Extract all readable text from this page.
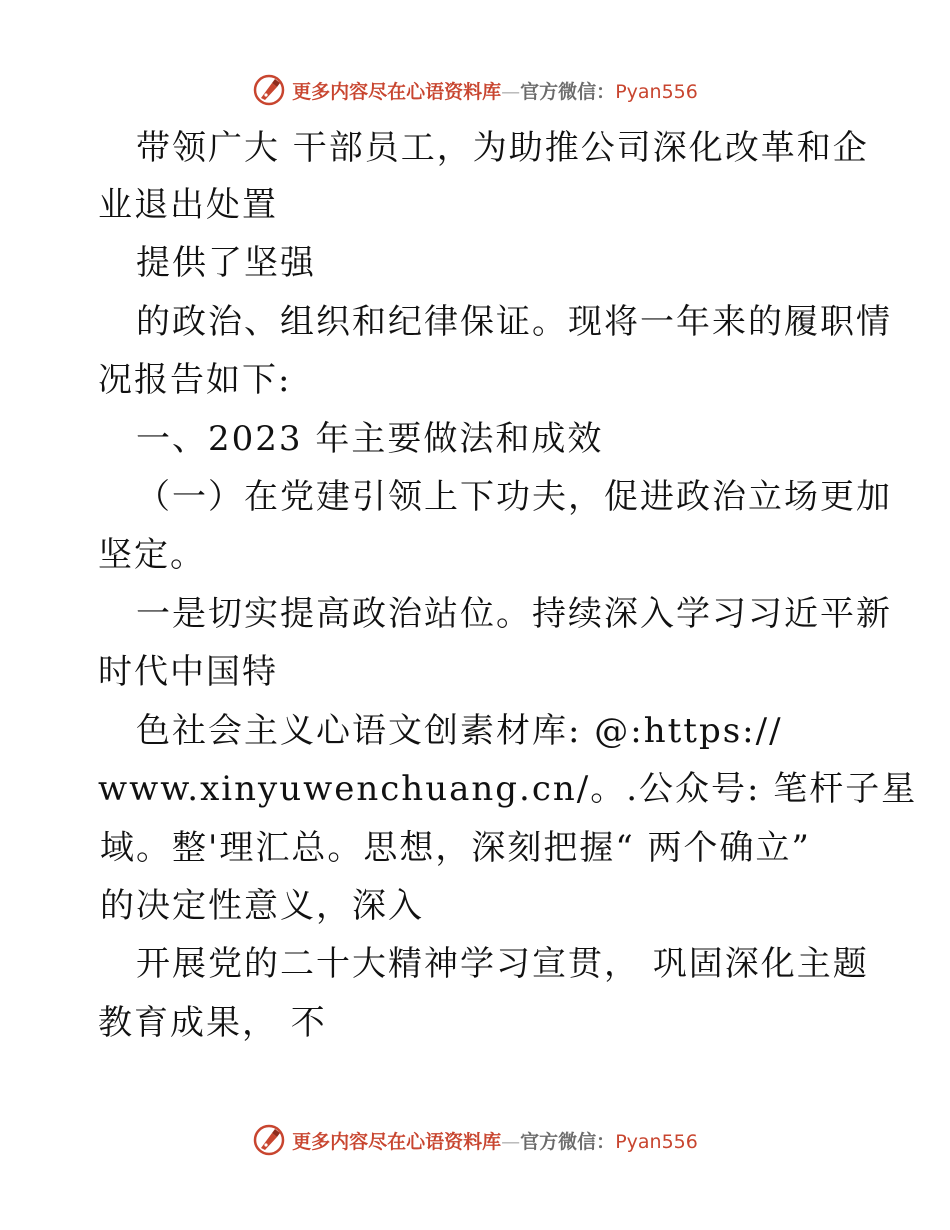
更多内容尽在心语资料库—官方微信：Pyan556
带领广大 干部员工，为助推公司深化改革和企
业退出处置
提供了坚强
的政治、组织和纪律保证。现将一年来的履职情
况报告如下:
一、2023 年主要做法和成效
（一）在党建引领上下功夫，促进政治立场更加
坚定。
一是切实提高政治站位。持续深入学习习近平新
时代中国特
色社会主义心语文创素材库: @:https://
www.xinyuwenchuang.cn/。.公众号: 笔杆子星
域。整'理汇总。思想，深刻把握“ 两个确立”
的决定性意义，深入
开展党的二十大精神学习宣贯， 巩固深化主题
教育成果， 不
更多内容尽在心语资料库—官方微信：Pyan556
